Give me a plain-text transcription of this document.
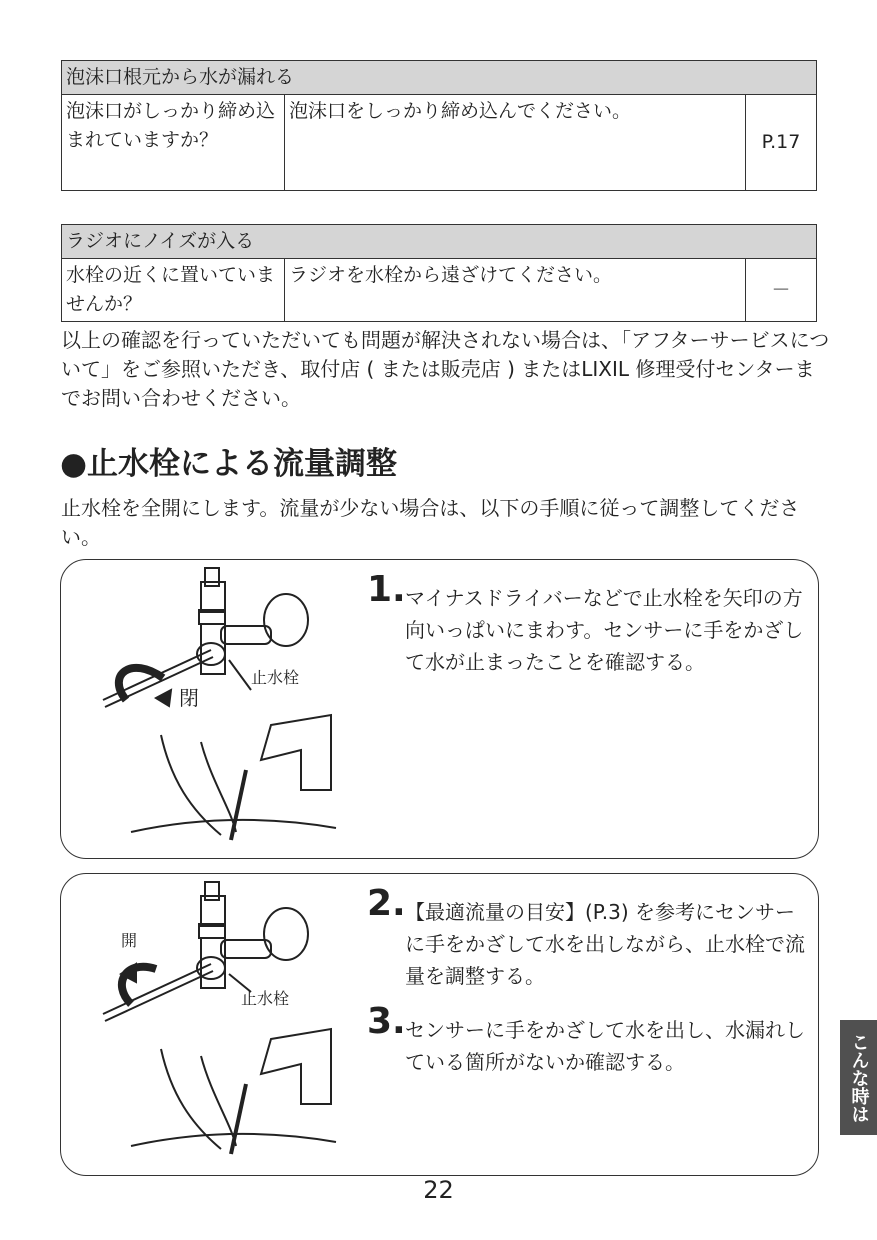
泡沫口根元から水が漏れる
泡沫口がしっかり締め込まれていますか？	泡沫口をしっかり締め込んでください。	P.17
ラジオにノイズが入る
水栓の近くに置いていませんか？	ラジオを水栓から遠ざけてください。	－
以上の確認を行っていただいても問題が解決されない場合は、「アフターサービスについて」をご参照いただき、取付店 ( または販売店 ) またはLIXIL 修理受付センターまでお問い合わせください。
●止水栓による流量調整
止水栓を全開にします。流量が少ない場合は、以下の手順に従って調整してください。
止水栓
閉
1. マイナスドライバーなどで止水栓を矢印の方向いっぱいにまわす。センサーに手をかざして水が止まったことを確認する。
止水栓
開
2. 【最適流量の目安】(P.3) を参考にセンサーに手をかざして水を出しながら、止水栓で流量を調整する。
3. センサーに手をかざして水を出し、水漏れしている箇所がないか確認する。
22
こんな時は
